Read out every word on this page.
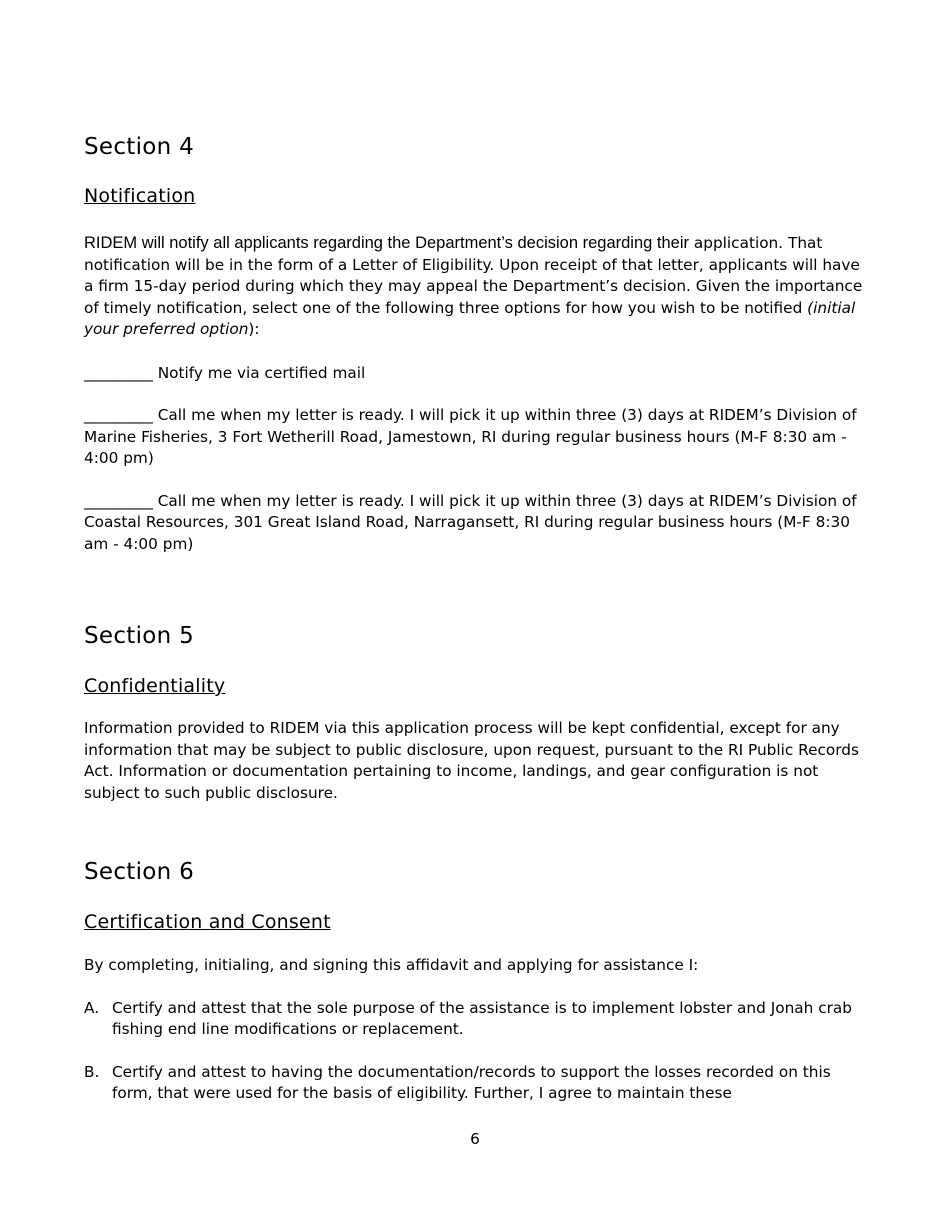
Section 4
Notification

RIDEM will notify all applicants regarding the Department’s decision regarding their application. That notification will be in the form of a Letter of Eligibility. Upon receipt of that letter, applicants will have a firm 15-day period during which they may appeal the Department’s decision. Given the importance of timely notification, select one of the following three options for how you wish to be notified (initial your preferred option):

_________ Notify me via certified mail

_________ Call me when my letter is ready. I will pick it up within three (3) days at RIDEM’s Division of Marine Fisheries, 3 Fort Wetherill Road, Jamestown, RI during regular business hours (M-F 8:30 am - 4:00 pm)

_________ Call me when my letter is ready. I will pick it up within three (3) days at RIDEM’s Division of Coastal Resources, 301 Great Island Road, Narragansett, RI during regular business hours (M-F 8:30 am - 4:00 pm)

Section 5
Confidentiality

Information provided to RIDEM via this application process will be kept confidential, except for any information that may be subject to public disclosure, upon request, pursuant to the RI Public Records Act. Information or documentation pertaining to income, landings, and gear configuration is not subject to such public disclosure.

Section 6
Certification and Consent

By completing, initialing, and signing this affidavit and applying for assistance I:

A. Certify and attest that the sole purpose of the assistance is to implement lobster and Jonah crab fishing end line modifications or replacement.
B. Certify and attest to having the documentation/records to support the losses recorded on this form, that were used for the basis of eligibility. Further, I agree to maintain these
6
